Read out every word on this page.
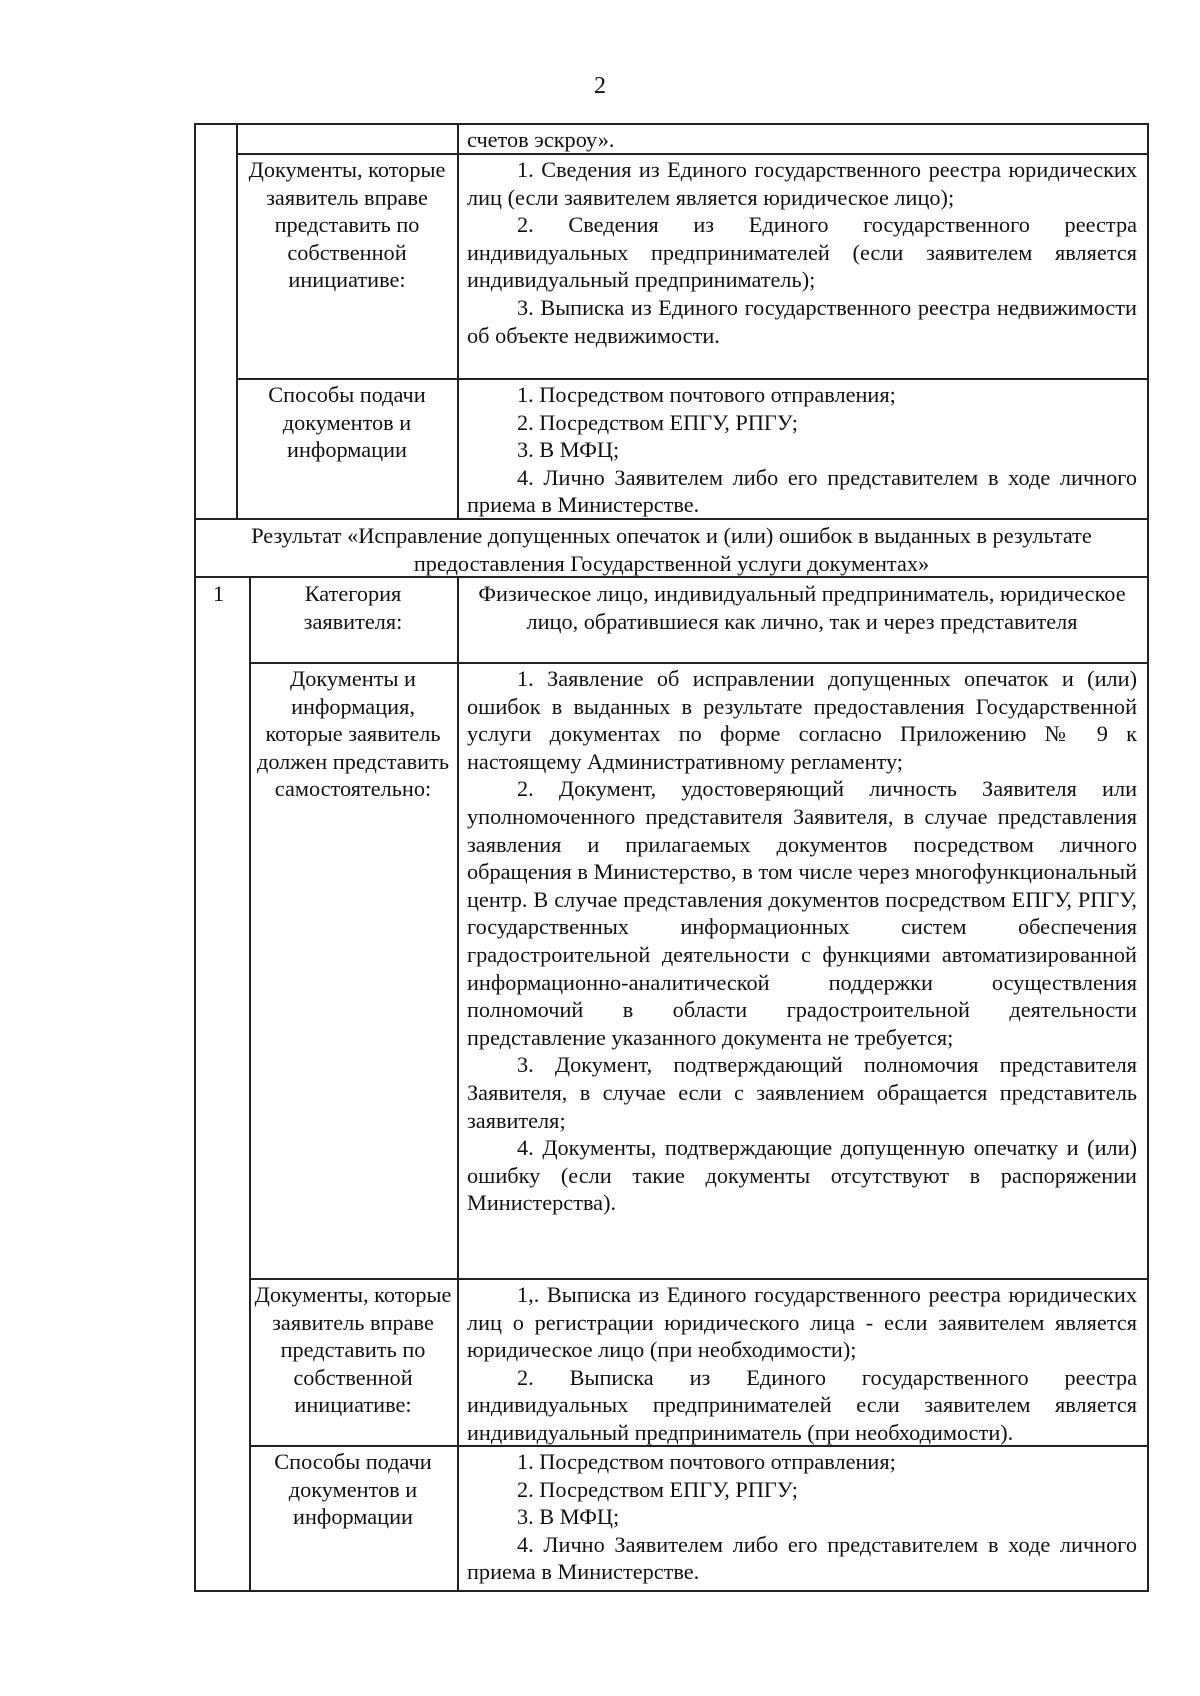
2
счетов эскроу».
Документы, которые заявитель вправе представить по собственной инициативе:

1. Сведения из Единого государственного реестра юридических лиц (если заявителем является юридическое лицо);

2. Сведения из Единого государственного реестра индивидуальных предпринимателей (если заявителем является индивидуальный предприниматель);

3. Выписка из Единого государственного реестра недвижимости об объекте недвижимости.

Способы подачи документов и информации

1. Посредством почтового отправления;

2. Посредством ЕПГУ, РПГУ;

3. В МФЦ;

4. Лично Заявителем либо его представителем в ходе личного приема в Министерстве.

Результат «Исправление допущенных опечаток и (или) ошибок в выданных в результате предоставления Государственной услуги документах»
1	Категория заявителя:
Физическое лицо, индивидуальный предприниматель, юридическое лицо, обратившиеся как лично, так и через представителя
Документы и информация, которые заявитель должен представить самостоятельно:

1. Заявление об исправлении допущенных опечаток и (или) ошибок в выданных в результате предоставления Государственной услуги документах по форме согласно Приложению № 9 к настоящему Административному регламенту;

2. Документ, удостоверяющий личность Заявителя или уполномоченного представителя Заявителя, в случае представления заявления и прилагаемых документов посредством личного обращения в Министерство, в том числе через многофункциональный центр. В случае представления документов посредством ЕПГУ, РПГУ, государственных информационных систем обеспечения градостроительной деятельности с функциями автоматизированной информационно-аналитической поддержки осуществления полномочий в области градостроительной деятельности представление указанного документа не требуется;

3. Документ, подтверждающий полномочия представителя Заявителя, в случае если с заявлением обращается представитель заявителя;

4. Документы, подтверждающие допущенную опечатку и (или) ошибку (если такие документы отсутствуют в распоряжении Министерства).

Документы, которые заявитель вправе представить по собственной инициативе:

1,. Выписка из Единого государственного реестра юридических лиц о регистрации юридического лица - если заявителем является юридическое лицо (при необходимости);

2. Выписка из Единого государственного реестра индивидуальных предпринимателей если заявителем является индивидуальный предприниматель (при необходимости).

Способы подачи документов и информации

1. Посредством почтового отправления;

2. Посредством ЕПГУ, РПГУ;

3. В МФЦ;

4. Лично Заявителем либо его представителем в ходе личного приема в Министерстве.
